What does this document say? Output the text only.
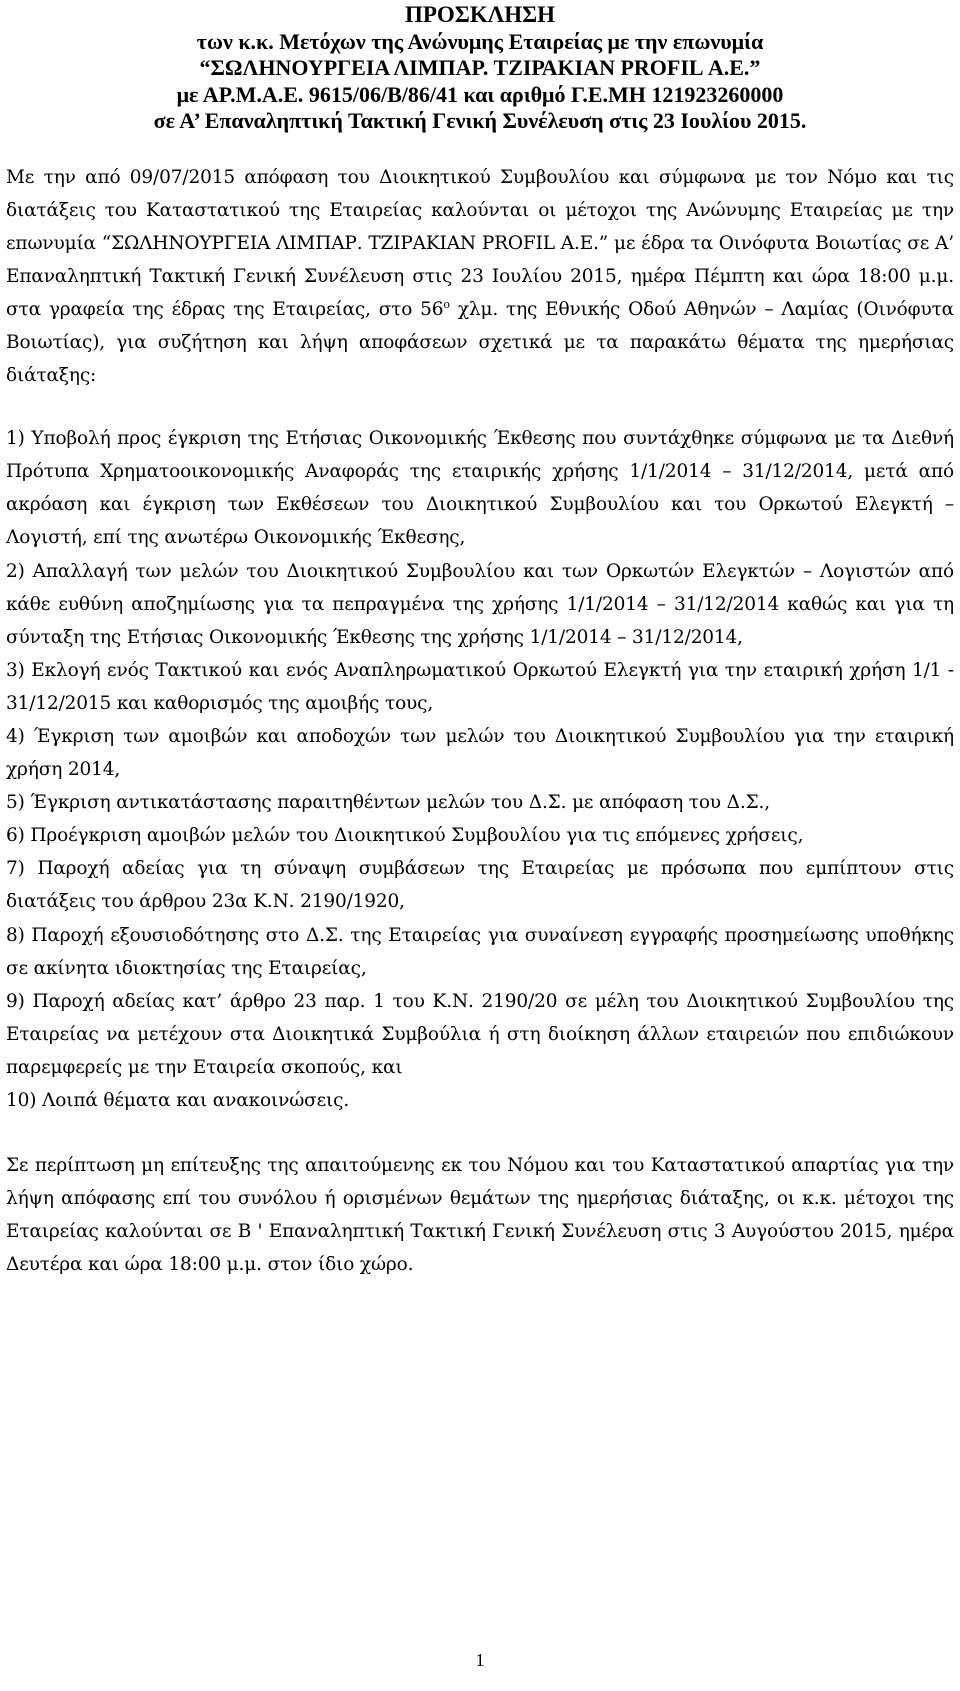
ΠΡΟΣΚΛΗΣΗ
των κ.κ. Μετόχων της Ανώνυμης Εταιρείας με την επωνυμία
“ΣΩΛΗΝΟΥΡΓΕΙΑ ΛΙΜΠΑΡ. ΤΖΙΡΑΚΙΑΝ PROFIL Α.Ε.”
με ΑΡ.Μ.Α.Ε. 9615/06/Β/86/41 και αριθμό Γ.Ε.ΜΗ 121923260000
σε Α’ Επαναληπτική Τακτική Γενική Συνέλευση στις 23 Ιουλίου 2015.

Με την από 09/07/2015 απόφαση του Διοικητικού Συμβουλίου και σύμφωνα με τον Νόμο και τις διατάξεις του Καταστατικού της Εταιρείας καλούνται οι μέτοχοι της Ανώνυμης Εταιρείας με την επωνυμία “ΣΩΛΗΝΟΥΡΓΕΙΑ ΛΙΜΠΑΡ. ΤΖΙΡΑΚΙΑΝ PROFIL Α.Ε.” με έδρα τα Οινόφυτα Βοιωτίας σε Α’ Επαναληπτική Τακτική Γενική Συνέλευση στις 23 Ιουλίου 2015, ημέρα Πέμπτη και ώρα 18:00 μ.μ. στα γραφεία της έδρας της Εταιρείας, στο $56^o$ χλμ. της Εθνικής Οδού Αθηνών – Λαμίας (Οινόφυτα Βοιωτίας), για συζήτηση και λήψη αποφάσεων σχετικά με τα παρακάτω θέματα της ημερήσιας διάταξης:

1) Υποβολή προς έγκριση της Ετήσιας Οικονομικής Έκθεσης που συντάχθηκε σύμφωνα με τα Διεθνή Πρότυπα Χρηματοοικονομικής Αναφοράς της εταιρικής χρήσης 1/1/2014 – 31/12/2014, μετά από ακρόαση και έγκριση των Εκθέσεων του Διοικητικού Συμβουλίου και του Ορκωτού Ελεγκτή – Λογιστή, επί της ανωτέρω Οικονομικής Έκθεσης,

2) Απαλλαγή των μελών του Διοικητικού Συμβουλίου και των Ορκωτών Ελεγκτών – Λογιστών από κάθε ευθύνη αποζημίωσης για τα πεπραγμένα της χρήσης 1/1/2014 – 31/12/2014 καθώς και για τη σύνταξη της Ετήσιας Οικονομικής Έκθεσης της χρήσης 1/1/2014 – 31/12/2014,

3) Εκλογή ενός Τακτικού και ενός Αναπληρωματικού Ορκωτού Ελεγκτή για την εταιρική χρήση 1/1 - 31/12/2015 και καθορισμός της αμοιβής τους,

4) Έγκριση των αμοιβών και αποδοχών των μελών του Διοικητικού Συμβουλίου για την εταιρική χρήση 2014,

5) Έγκριση αντικατάστασης παραιτηθέντων μελών του Δ.Σ. με απόφαση του Δ.Σ.,

6) Προέγκριση αμοιβών μελών του Διοικητικού Συμβουλίου για τις επόμενες χρήσεις,

7) Παροχή αδείας για τη σύναψη συμβάσεων της Εταιρείας με πρόσωπα που εμπίπτουν στις διατάξεις του άρθρου 23α Κ.Ν. 2190/1920,

8) Παροχή εξουσιοδότησης στο Δ.Σ. της Εταιρείας για συναίνεση εγγραφής προσημείωσης υποθήκης σε ακίνητα ιδιοκτησίας της Εταιρείας,

9) Παροχή αδείας κατ’ άρθρο 23 παρ. 1 του Κ.Ν. 2190/20 σε μέλη του Διοικητικού Συμβουλίου της Εταιρείας να μετέχουν στα Διοικητικά Συμβούλια ή στη διοίκηση άλλων εταιρειών που επιδιώκουν παρεμφερείς με την Εταιρεία σκοπούς, και

10) Λοιπά θέματα και ανακοινώσεις.

Σε περίπτωση μη επίτευξης της απαιτούμενης εκ του Νόμου και του Καταστατικού απαρτίας για την λήψη απόφασης επί του συνόλου ή ορισμένων θεμάτων της ημερήσιας διάταξης, οι κ.κ. μέτοχοι της Εταιρείας καλούνται σε Β ' Επαναληπτική Τακτική Γενική Συνέλευση στις 3 Αυγούστου 2015, ημέρα Δευτέρα και ώρα 18:00 μ.μ. στον ίδιο χώρο.

1
